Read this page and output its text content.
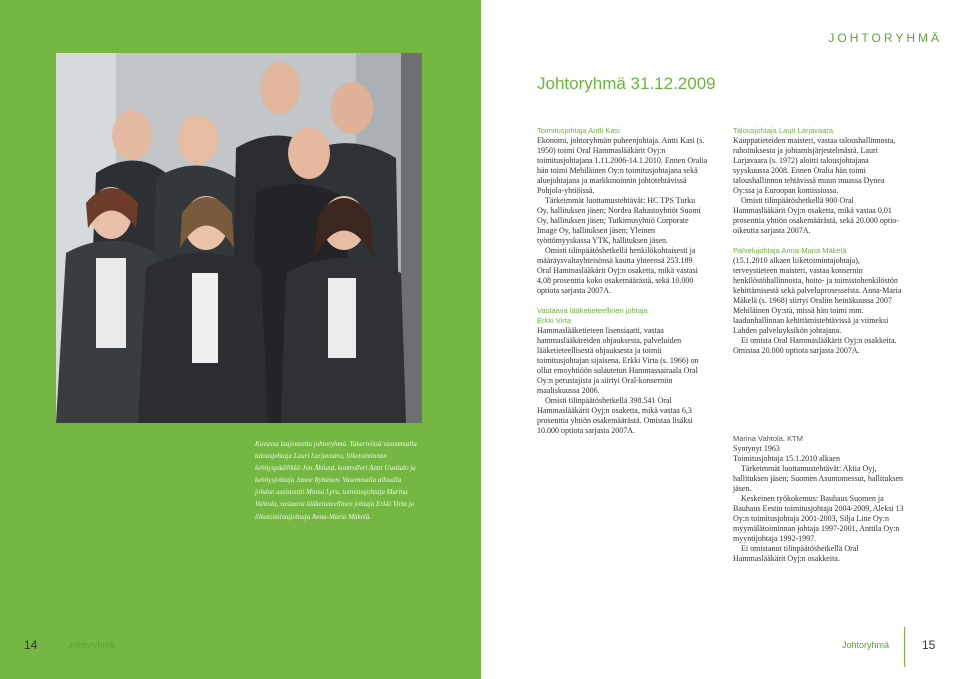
Kuvassa laajennettu johtoryhmä. Takarivissä vasemmalla talousjohtaja Lauri Larjavaara, liiketoiminnan kehityspäällikkö Jon Åhlund, kontrolleri Antti Uusitalo ja kehitysjohtaja Janne Ryhänen. Vasemmalla alhaalla johdon assistentti Minna Lyra, toimitusjohtaja Marina Vahtola, vastaava lääketieteellinen johtaja Erkki Virta ja liiketoimintajohtaja Anna-Maria Mäkelä.

JOHTORYHMÄ

Johtoryhmä 31.12.2009

Toimitusjohtaja Antti Kasi

Ekonomi, johtoryhmän puheenjohtaja. Antti Kasi (s. 1950) toimi Oral Hammaslääkärit Oyj:n toimitusjohtajana 1.11.2006-14.1.2010. Ennen Oralia hän toimi Mehiläinen Oy:n toimitusjohtajana sekä aluejohtajana ja markkinoinnin johtotehtävissä Pohjola-yhtiöissä.

Tärkeimmät luottamustehtävät: HC TPS Turku Oy, hallituksen jäsen; Nordea Rahastoyhtiöt Suomi Oy, hallituksen jäsen; Tutkimusyhtiö Corporate Image Oy, hallituksen jäsen; Yleinen työttömyyskassa YTK, hallituksen jäsen.

Omisti tilinpäätöshetkellä henkilökohtaisesti ja määräysvaltayhteisönsä kautta yhteensä 253.189 Oral Hammaslääkärit Oyj:n osaketta, mikä vastasi 4,08 prosenttia koko osakemäärästä, sekä 10.000 optiota sarjasta 2007A.

Vastaava lääketieteellinen johtaja

Erkki Virta

Hammaslääketieteen lisensiaatti, vastaa hammaslääkäreiden ohjauksesta, palveluiden lääketieteellisestä ohjauksesta ja toimii toimitusjohtajan sijaisena. Erkki Virta (s. 1966) on ollut emoyhtiöön sulautetun Hammassairaala Oral Oy:n perustajista ja siirtyi Oral-konserniin maaliskuussa 2006.

Omisti tilinpäätöshetkellä 398.541 Oral Hammaslääkärit Oyj:n osaketta, mikä vastaa 6,3 prosenttia yhtiön osakemäärästä. Omistaa lisäksi 10.000 optiota sarjasta 2007A.

Talousjohtaja Lauri Larjavaara

Kauppatieteiden maisteri, vastaa taloushallinnosta, rahoituksesta ja johtamisjärjestelmästä. Lauri Larjavaara (s. 1972) aloitti talousjohtajana syyskuussa 2008. Ennen Oralia hän toimi taloushallinnon tehtävissä muun muassa Dynea Oy:ssa ja Euroopan komissiossa.

Omisti tilinpäätöshetkellä 900 Oral Hammaslääkärit Oyj:n osaketta, mikä vastaa 0,01 prosenttia yhtiön osakemäärästä, sekä 20.000 optio-oikeutta sarjasta 2007A.

Palvelujohtaja Anna-Maria Mäkelä

(15.1.2010 alkaen liiketoimintajohtaja), terveystieteen maisteri, vastaa konsernin henkilöstöhallinnosta, hoito- ja toimistohenkilöstön kehittämisestä sekä palveluprosesseista. Anna-Maria Mäkelä (s. 1968) siirtyi Oraliin heinäkuussa 2007 Mehiläinen Oy:stä, missä hän toimi mm. laadunhallinnan kehittämistehtävissä ja viimeksi Lahden palveluyksikön johtajana.

Ei omista Oral Hammaslääkärit Oyj:n osakkeita. Omistaa 20.000 optiota sarjasta 2007A.

Marina Vahtola, KTM

Syntynyt 1963

Toimitusjohtaja 15.1.2010 alkaen

Tärkeimmät luottamustehtävät: Aktia Oyj, hallituksen jäsen; Suomen Asuntomessut, hallituksen jäsen.

Keskeinen työkokemus: Bauhaus Suomen ja Bauhaus Eestin toimitusjohtaja 2004-2009, Aleksi 13 Oy:n toimitusjohtaja 2001-2003, Silja Line Oy:n myymälätoiminnan johtaja 1997-2001, Anttila Oy:n myyntijohtaja 1992-1997.

Ei omistanut tilinpäätöshetkellä Oral Hammaslääkärit Oyj:n osakkeita.

14	Johtoryhmä	Johtoryhmä	15
